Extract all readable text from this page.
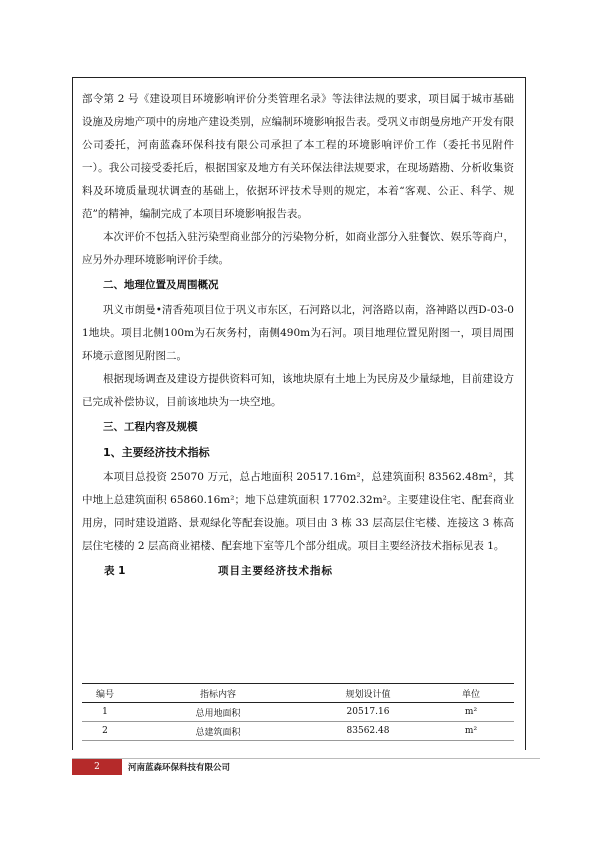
部令第 2 号《建设项目环境影响评价分类管理名录》等法律法规的要求，项目属于城市基础设施及房地产项中的房地产建设类别，应编制环境影响报告表。受巩义市朗曼房地产开发有限公司委托，河南蓝森环保科技有限公司承担了本工程的环境影响评价工作（委托书见附件一）。我公司接受委托后，根据国家及地方有关环保法律法规要求，在现场踏勘、分析收集资料及环境质量现状调查的基础上，依据环评技术导则的规定，本着“客观、公正、科学、规范”的精神，编制完成了本项目环境影响报告表。

本次评价不包括入驻污染型商业部分的污染物分析，如商业部分入驻餐饮、娱乐等商户，应另外办理环境影响评价手续。

二、地理位置及周围概况

巩义市朗曼•清香苑项目位于巩义市东区，石河路以北，河洛路以南，洛神路以西D-03-01地块。项目北侧100m为石灰务村，南侧490m为石河。项目地理位置见附图一，项目周围环境示意图见附图二。

根据现场调查及建设方提供资料可知，该地块原有土地上为民房及少量绿地，目前建设方已完成补偿协议，目前该地块为一块空地。

三、工程内容及规模
1、主要经济技术指标

本项目总投资 25070 万元，总占地面积 20517.16m²，总建筑面积 83562.48m²，其中地上总建筑面积 65860.16m²；地下总建筑面积 17702.32m²。主要建设住宅、配套商业用房，同时建设道路、景观绿化等配套设施。项目由 3 栋 33 层高层住宅楼、连接这 3 栋高层住宅楼的 2 层高商业裙楼、配套地下室等几个部分组成。项目主要经济技术指标见表 1。

表 1	项目主要经济技术指标
编号	指标内容	规划设计值	单位
1	总用地面积	20517.16	m²
2	总建筑面积	83562.48	m²
2	河南蓝森环保科技有限公司
